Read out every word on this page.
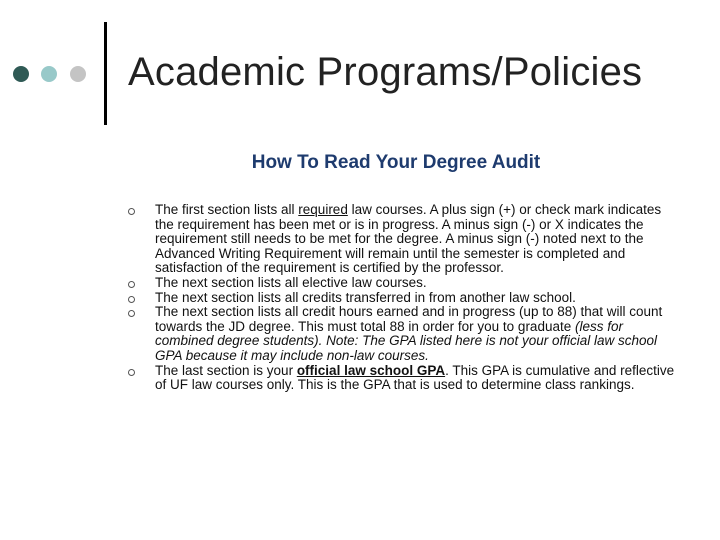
Academic Programs/Policies
How To Read Your Degree Audit
The first section lists all required law courses. A plus sign (+) or check mark indicates the requirement has been met or is in progress. A minus sign (-) or X indicates the requirement still needs to be met for the degree. A minus sign (-) noted next to the Advanced Writing Requirement will remain until the semester is completed and satisfaction of the requirement is certified by the professor.
The next section lists all elective law courses.
The next section lists all credits transferred in from another law school.
The next section lists all credit hours earned and in progress (up to 88) that will count towards the JD degree. This must total 88 in order for you to graduate (less for combined degree students). Note: The GPA listed here is not your official law school GPA because it may include non-law courses.
The last section is your official law school GPA. This GPA is cumulative and reflective of UF law courses only. This is the GPA that is used to determine class rankings.
